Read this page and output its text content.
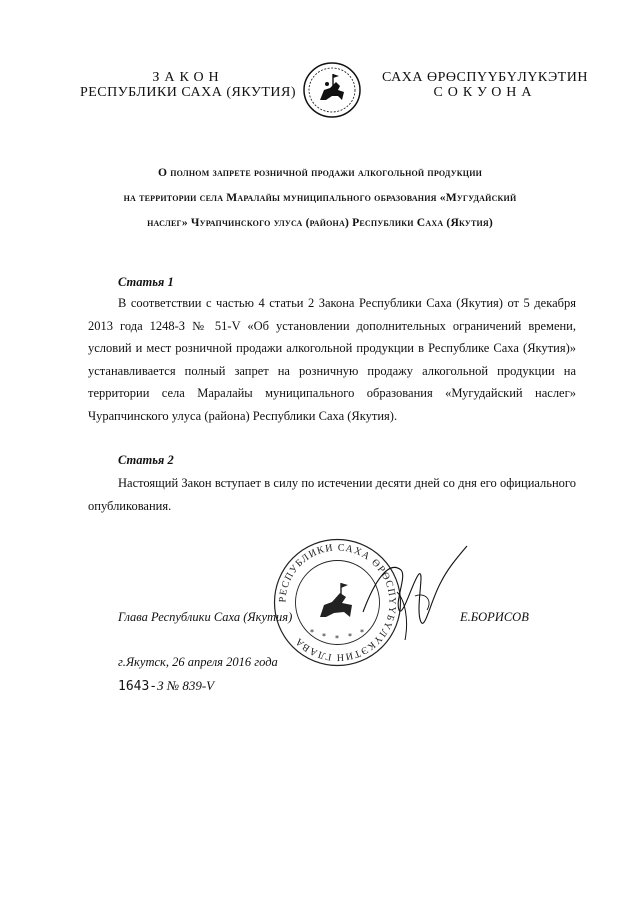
ЗАКОН
РЕСПУБЛИКИ САХА (ЯКУТИЯ)
САХА ӨРӨСПҮҮБҮЛҮКЭТИН
СОКУОНА
О полном запрете розничной продажи алкогольной продукции
на территории села Маралайы муниципального образования «Мугудайский
наслег» Чурапчинского улуса (района) Республики Саха (Якутия)
Статья 1
В соответствии с частью 4 статьи 2 Закона Республики Саха (Якутия) от 5 декабря 2013 года 1248-З № 51-V «Об установлении дополнительных ограничений времени, условий и мест розничной продажи алкогольной продукции в Республике Саха (Якутия)» устанавливается полный запрет на розничную продажу алкогольной продукции на территории села Маралайы муниципального образования «Мугудайский наслег» Чурапчинского улуса (района) Республики Саха (Якутия).
Статья 2
Настоящий Закон вступает в силу по истечении десяти дней со дня его официального опубликования.
РЕСПУБЛИКИ САХА ӨРӨСПҮҮБҮЛҮКЭТИН ГЛАВА
* * * * *
Глава Республики Саха (Якутия)	Е.БОРИСОВ
г.Якутск, 26 апреля 2016 года
1643-З № 839-V
